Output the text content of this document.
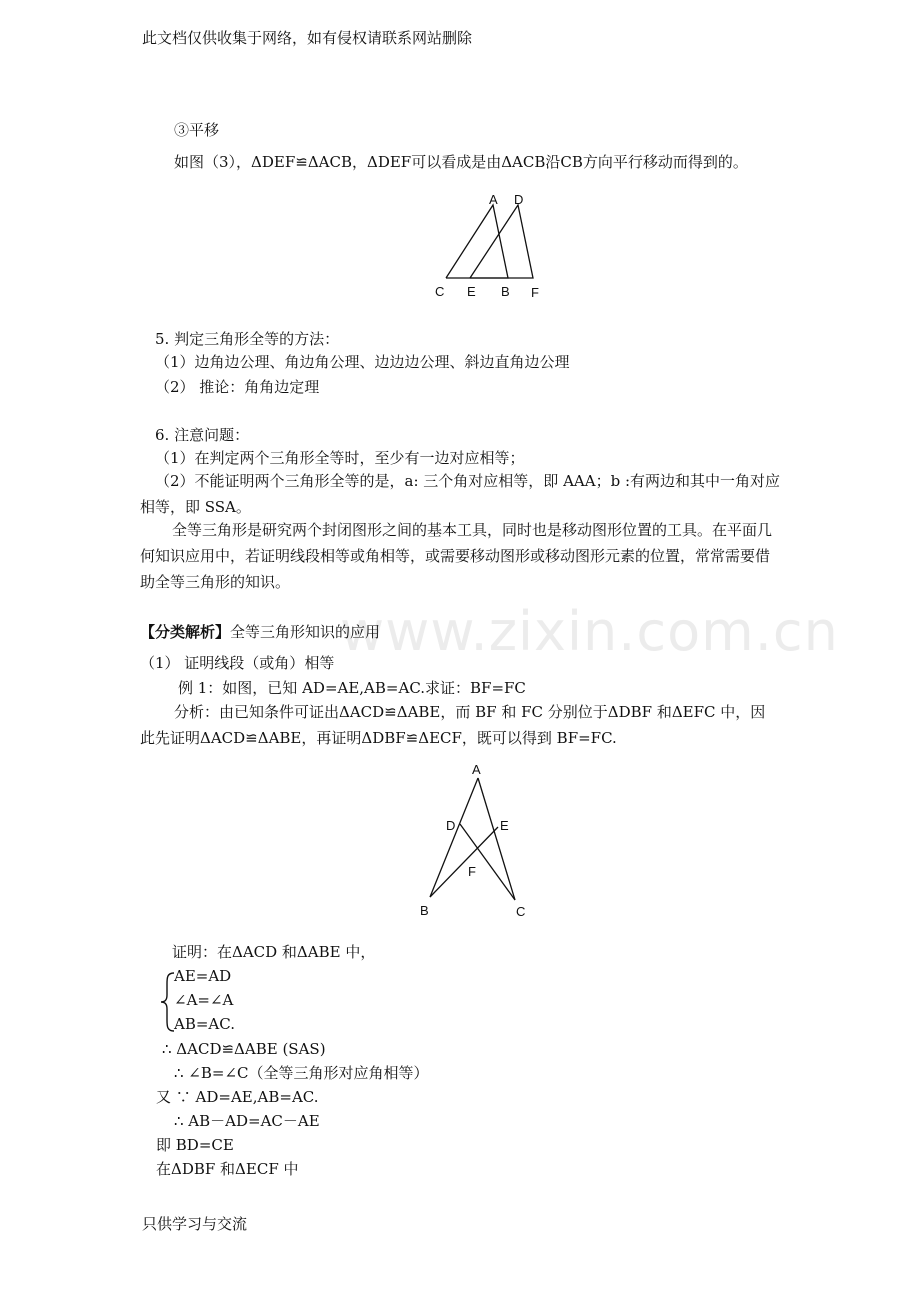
www.zixin.com.cn
此文档仅供收集于网络，如有侵权请联系网站删除
③平移
如图（3），ΔDEF≌ΔACB，ΔDEF可以看成是由ΔACB沿CB方向平行移动而得到的。
A D
C E B F
5. 判定三角形全等的方法：
（1）边角边公理、角边角公理、边边边公理、斜边直角边公理
（2） 推论：角角边定理
6. 注意问题：
（1）在判定两个三角形全等时，至少有一边对应相等；
（2）不能证明两个三角形全等的是，a: 三个角对应相等，即 AAA；b :有两边和其中一角对应相等，即 SSA。
全等三角形是研究两个封闭图形之间的基本工具，同时也是移动图形位置的工具。在平面几何知识应用中，若证明线段相等或角相等，或需要移动图形或移动图形元素的位置，常常需要借助全等三角形的知识。
【分类解析】全等三角形知识的应用
（1） 证明线段（或角）相等
例 1：如图，已知 AD=AE,AB=AC.求证：BF=FC
分析：由已知条件可证出ΔACD≌ΔABE，而 BF 和 FC 分别位于ΔDBF 和ΔEFC 中，因此先证明ΔACD≌ΔABE，再证明ΔDBF≌ΔECF，既可以得到 BF=FC.
A
D	E
F
B	C
证明：在ΔACD 和ΔABE 中，
AE=AD
∠A=∠A
AB=AC.
∴ ΔACD≌ΔABE (SAS)
∴ ∠B=∠C（全等三角形对应角相等）
又 ∵ AD=AE,AB=AC.
∴ AB－AD=AC－AE
即 BD=CE
在ΔDBF 和ΔECF 中
只供学习与交流
